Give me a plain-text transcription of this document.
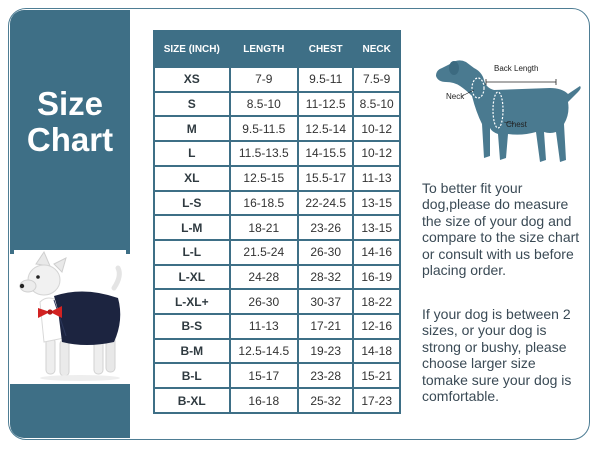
Size
Chart
SIZE (INCH)	LENGTH	CHEST	NECK
XS	7-9	9.5-11	7.5-9
S	8.5-10	11-12.5	8.5-10
M	9.5-11.5	12.5-14	10-12
L	11.5-13.5	14-15.5	10-12
XL	12.5-15	15.5-17	11-13
L-S	16-18.5	22-24.5	13-15
L-M	18-21	23-26	13-15
L-L	21.5-24	26-30	14-16
L-XL	24-28	28-32	16-19
L-XL+	26-30	30-37	18-22
B-S	11-13	17-21	12-16
B-M	12.5-14.5	19-23	14-18
B-L	15-17	23-28	15-21
B-XL	16-18	25-32	17-23
Back Length
Neck
Chest
To better fit your dog,please do measure the size of your dog and compare to the size chart or consult with us before placing order.
If your dog is between 2 sizes, or your dog is strong or bushy, please choose larger size tomake sure your dog is comfortable.
